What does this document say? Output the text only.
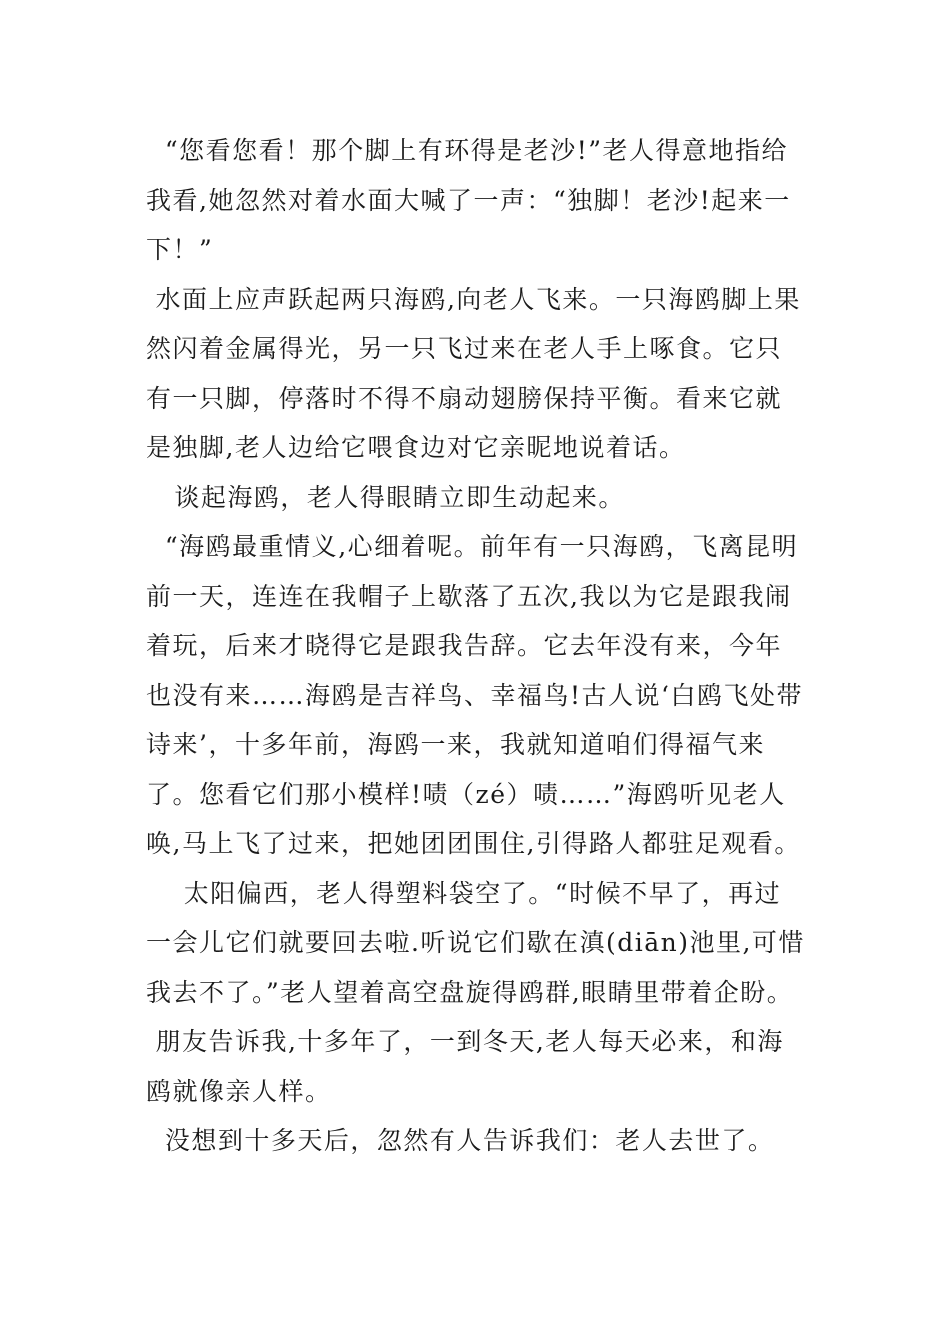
“您看您看！那个脚上有环得是老沙!”老人得意地指给我看,她忽然对着水面大喊了一声：“独脚！老沙!起来一下！”

水面上应声跃起两只海鸥,向老人飞来。一只海鸥脚上果然闪着金属得光，另一只飞过来在老人手上啄食。它只有一只脚，停落时不得不扇动翅膀保持平衡。看来它就是独脚,老人边给它喂食边对它亲昵地说着话。

谈起海鸥，老人得眼睛立即生动起来。

“海鸥最重情义,心细着呢。前年有一只海鸥，飞离昆明前一天，连连在我帽子上歇落了五次,我以为它是跟我闹着玩，后来才晓得它是跟我告辞。它去年没有来，今年也没有来……海鸥是吉祥鸟、幸福鸟!古人说‘白鸥飞处带诗来’，十多年前，海鸥一来，我就知道咱们得福气来了。您看它们那小模样!啧（zé）啧……”海鸥听见老人唤,马上飞了过来，把她团团围住,引得路人都驻足观看。

太阳偏西，老人得塑料袋空了。“时候不早了，再过一会儿它们就要回去啦.听说它们歇在滇(diān)池里,可惜我去不了。”老人望着高空盘旋得鸥群,眼睛里带着企盼。

朋友告诉我,十多年了，一到冬天,老人每天必来，和海鸥就像亲人样。

没想到十多天后，忽然有人告诉我们：老人去世了。
